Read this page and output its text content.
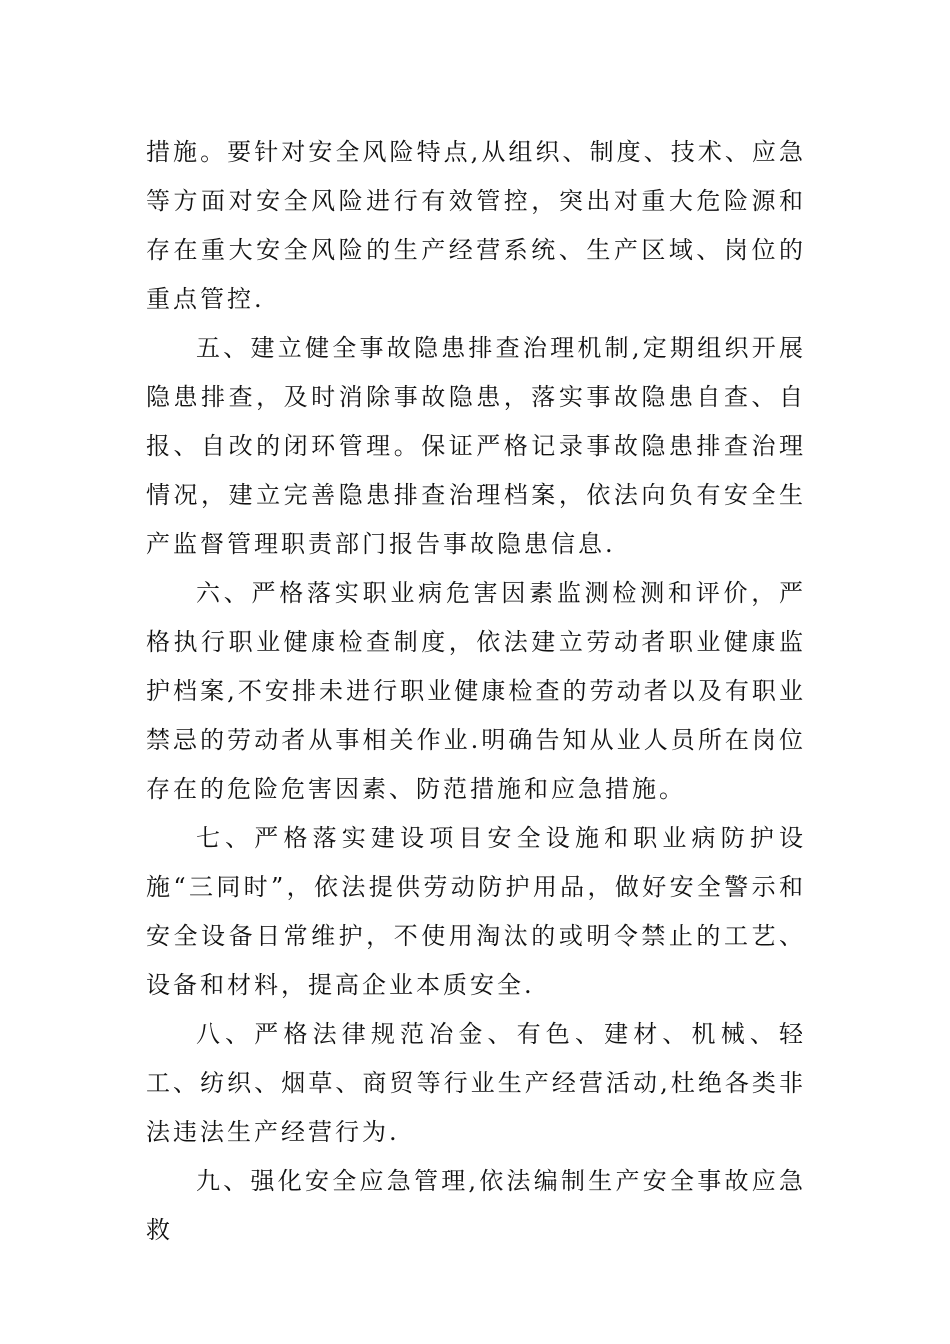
措施。要针对安全风险特点,从组织、制度、技术、应急等方面对安全风险进行有效管控，突出对重大危险源和存在重大安全风险的生产经营系统、生产区域、岗位的重点管控.

五、建立健全事故隐患排查治理机制,定期组织开展隐患排查，及时消除事故隐患，落实事故隐患自查、自报、自改的闭环管理。保证严格记录事故隐患排查治理情况，建立完善隐患排查治理档案，依法向负有安全生产监督管理职责部门报告事故隐患信息.

六、严格落实职业病危害因素监测检测和评价，严格执行职业健康检查制度，依法建立劳动者职业健康监护档案,不安排未进行职业健康检查的劳动者以及有职业禁忌的劳动者从事相关作业.明确告知从业人员所在岗位存在的危险危害因素、防范措施和应急措施。

七、严格落实建设项目安全设施和职业病防护设施“三同时”，依法提供劳动防护用品，做好安全警示和安全设备日常维护，不使用淘汰的或明令禁止的工艺、设备和材料，提高企业本质安全.

八、严格法律规范冶金、有色、建材、机械、轻工、纺织、烟草、商贸等行业生产经营活动,杜绝各类非法违法生产经营行为.

九、强化安全应急管理,依法编制生产安全事故应急救
